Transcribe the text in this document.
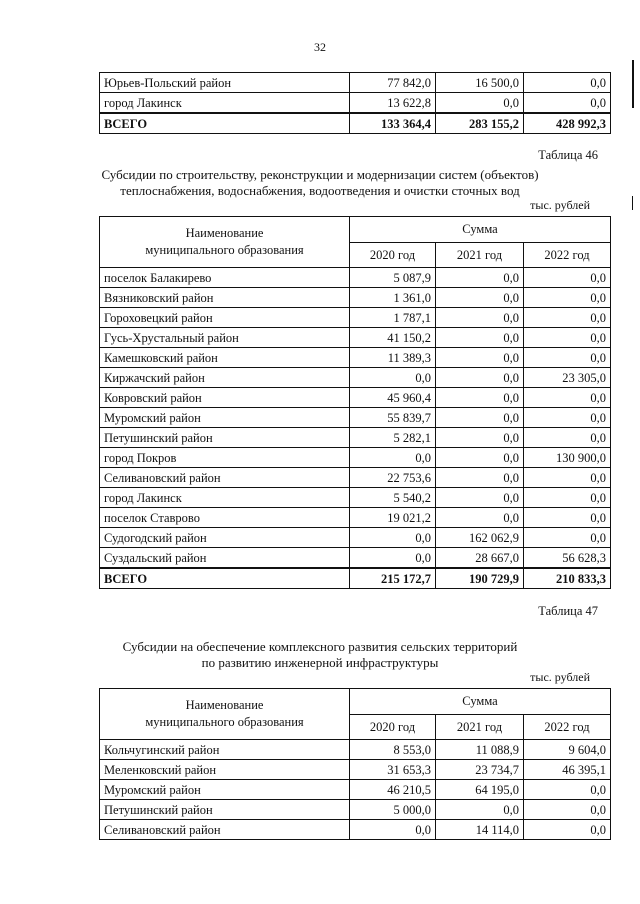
32
Юрьев-Польский район	77 842,0	16 500,0	0,0
город Лакинск	13 622,8	0,0	0,0
ВСЕГО	133 364,4	283 155,2	428 992,3
Таблица 46
Субсидии по строительству, реконструкции и модернизации систем (объектов)
теплоснабжения, водоснабжения, водоотведения и очистки сточных вод
тыс. рублей
Наименование
муниципального образования	Сумма		
	2020 год	2021 год	2022 год
поселок Балакирево	5 087,9	0,0	0,0
Вязниковский район	1 361,0	0,0	0,0
Гороховецкий район	1 787,1	0,0	0,0
Гусь-Хрустальный район	41 150,2	0,0	0,0
Камешковский район	11 389,3	0,0	0,0
Киржачский район	0,0	0,0	23 305,0
Ковровский район	45 960,4	0,0	0,0
Муромский район	55 839,7	0,0	0,0
Петушинский район	5 282,1	0,0	0,0
город Покров	0,0	0,0	130 900,0
Селивановский район	22 753,6	0,0	0,0
город Лакинск	5 540,2	0,0	0,0
поселок Ставрово	19 021,2	0,0	0,0
Судогодский район	0,0	162 062,9	0,0
Суздальский район	0,0	28 667,0	56 628,3
ВСЕГО	215 172,7	190 729,9	210 833,3
Таблица 47
Субсидии на обеспечение комплексного развития сельских территорий
по развитию инженерной инфраструктуры
тыс. рублей
Наименование
муниципального образования	Сумма		
	2020 год	2021 год	2022 год
Кольчугинский район	8 553,0	11 088,9	9 604,0
Меленковский район	31 653,3	23 734,7	46 395,1
Муромский район	46 210,5	64 195,0	0,0
Петушинский район	5 000,0	0,0	0,0
Селивановский район	0,0	14 114,0	0,0
